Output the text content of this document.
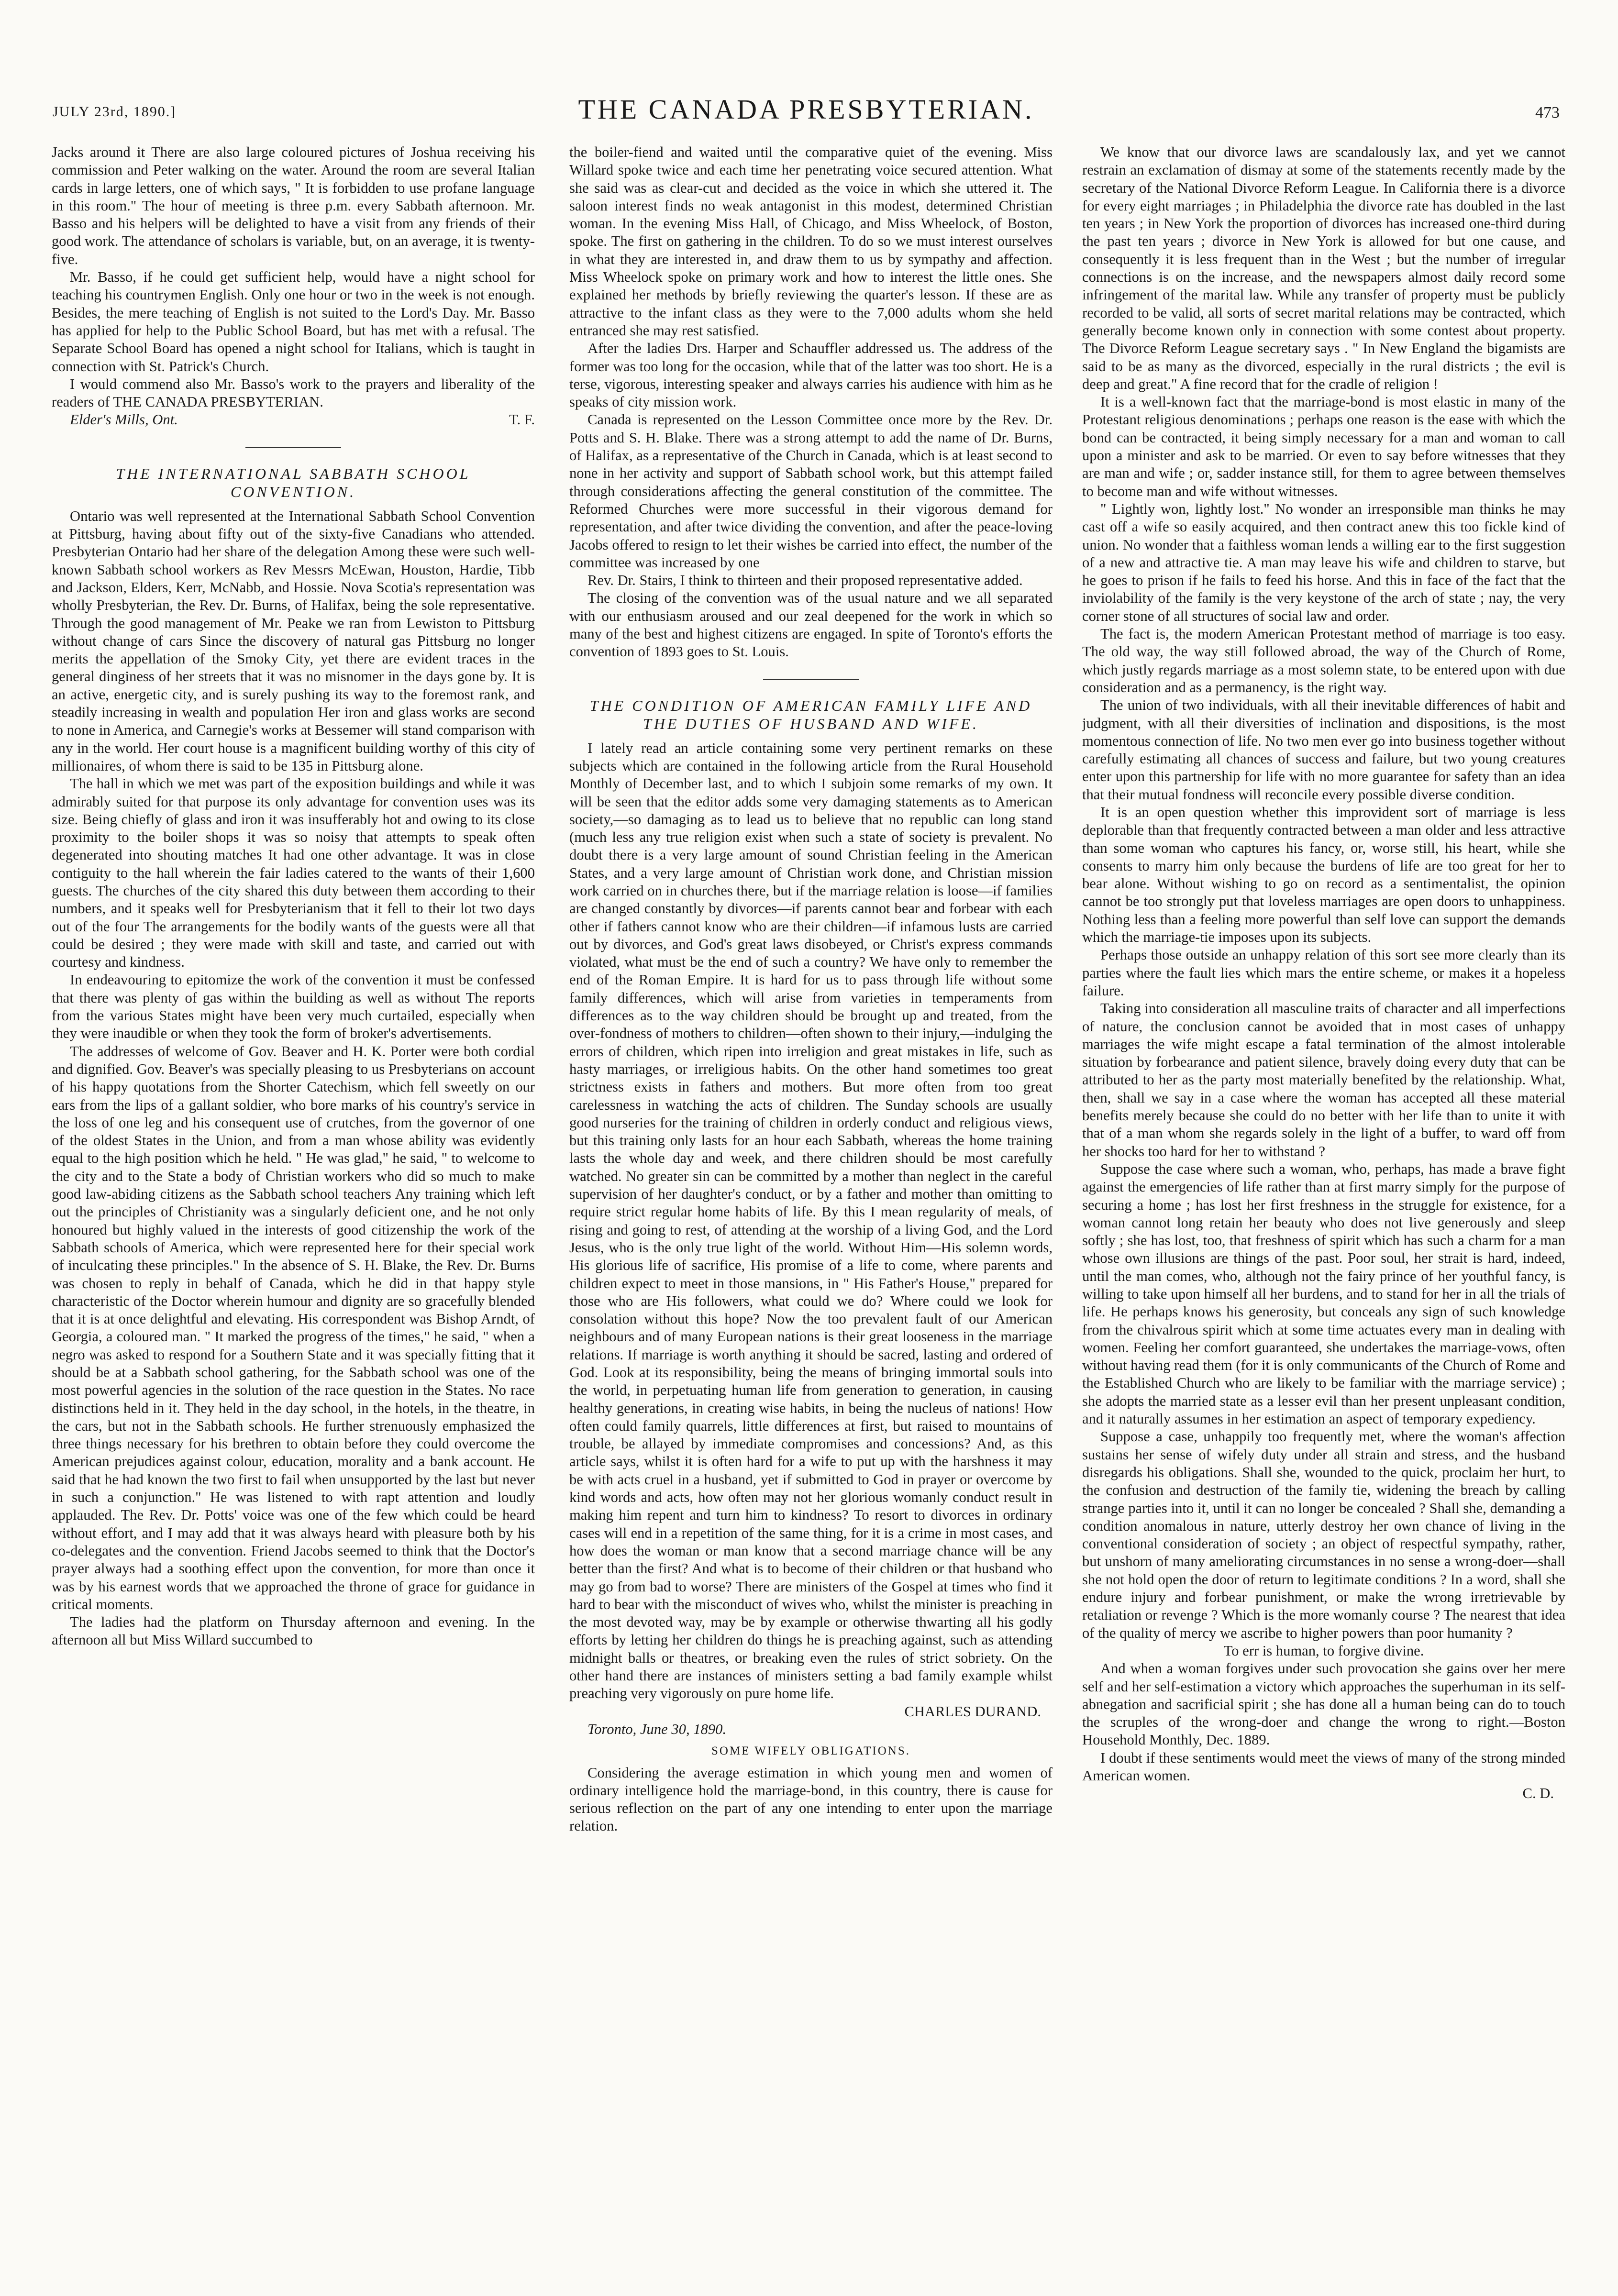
JULY 23rd, 1890.]	THE CANADA PRESBYTERIAN.	473

Jacks around it There are also large coloured pictures of Joshua receiving his commission and Peter walking on the water. Around the room are several Italian cards in large letters, one of which says, " It is forbidden to use profane language in this room." The hour of meeting is three p.m. every Sabbath afternoon. Mr. Basso and his helpers will be delighted to have a visit from any friends of their good work. The attendance of scholars is variable, but, on an average, it is twenty-five.

Mr. Basso, if he could get sufficient help, would have a night school for teaching his countrymen English. Only one hour or two in the week is not enough. Besides, the mere teaching of English is not suited to the Lord's Day. Mr. Basso has applied for help to the Public School Board, but has met with a refusal. The Separate School Board has opened a night school for Italians, which is taught in connection with St. Patrick's Church.

I would commend also Mr. Basso's work to the prayers and liberality of the readers of THE CANADA PRESBYTERIAN.

Elder's Mills, Ont.	T. F.

THE INTERNATIONAL SABBATH SCHOOL CONVENTION.

Ontario was well represented at the International Sabbath School Convention at Pittsburg, having about fifty out of the sixty-five Canadians who attended. Presbyterian Ontario had her share of the delegation Among these were such well-known Sabbath school workers as Rev Messrs McEwan, Houston, Hardie, Tibb and Jackson, Elders, Kerr, McNabb, and Hossie. Nova Scotia's representation was wholly Presbyterian, the Rev. Dr. Burns, of Halifax, being the sole representative. Through the good management of Mr. Peake we ran from Lewiston to Pittsburg without change of cars Since the discovery of natural gas Pittsburg no longer merits the appellation of the Smoky City, yet there are evident traces in the general dinginess of her streets that it was no misnomer in the days gone by. It is an active, energetic city, and is surely pushing its way to the foremost rank, and steadily increasing in wealth and population Her iron and glass works are second to none in America, and Carnegie's works at Bessemer will stand comparison with any in the world. Her court house is a magnificent building worthy of this city of millionaires, of whom there is said to be 135 in Pittsburg alone.

The hall in which we met was part of the exposition buildings and while it was admirably suited for that purpose its only advantage for convention uses was its size. Being chiefly of glass and iron it was insufferably hot and owing to its close proximity to the boiler shops it was so noisy that attempts to speak often degenerated into shouting matches It had one other advantage. It was in close contiguity to the hall wherein the fair ladies catered to the wants of their 1,600 guests. The churches of the city shared this duty between them according to their numbers, and it speaks well for Presbyterianism that it fell to their lot two days out of the four The arrangements for the bodily wants of the guests were all that could be desired ; they were made with skill and taste, and carried out with courtesy and kindness.

In endeavouring to epitomize the work of the convention it must be confessed that there was plenty of gas within the building as well as without The reports from the various States might have been very much curtailed, especially when they were inaudible or when they took the form of broker's advertisements.

The addresses of welcome of Gov. Beaver and H. K. Porter were both cordial and dignified. Gov. Beaver's was specially pleasing to us Presbyterians on account of his happy quotations from the Shorter Catechism, which fell sweetly on our ears from the lips of a gallant soldier, who bore marks of his country's service in the loss of one leg and his consequent use of crutches, from the governor of one of the oldest States in the Union, and from a man whose ability was evidently equal to the high position which he held. " He was glad," he said, " to welcome to the city and to the State a body of Christian workers who did so much to make good law-abiding citizens as the Sabbath school teachers Any training which left out the principles of Christianity was a singularly deficient one, and he not only honoured but highly valued in the interests of good citizenship the work of the Sabbath schools of America, which were represented here for their special work of inculcating these principles." In the absence of S. H. Blake, the Rev. Dr. Burns was chosen to reply in behalf of Canada, which he did in that happy style characteristic of the Doctor wherein humour and dignity are so gracefully blended that it is at once delightful and elevating. His correspondent was Bishop Arndt, of Georgia, a coloured man. " It marked the progress of the times," he said, " when a negro was asked to respond for a Southern State and it was specially fitting that it should be at a Sabbath school gathering, for the Sabbath school was one of the most powerful agencies in the solution of the race question in the States. No race distinctions held in it. They held in the day school, in the hotels, in the theatre, in the cars, but not in the Sabbath schools. He further strenuously emphasized the three things necessary for his brethren to obtain before they could overcome the American prejudices against colour, education, morality and a bank account. He said that he had known the two first to fail when unsupported by the last but never in such a conjunction." He was listened to with rapt attention and loudly applauded. The Rev. Dr. Potts' voice was one of the few which could be heard without effort, and I may add that it was always heard with pleasure both by his co-delegates and the convention. Friend Jacobs seemed to think that the Doctor's prayer always had a soothing effect upon the convention, for more than once it was by his earnest words that we approached the throne of grace for guidance in critical moments.

The ladies had the platform on Thursday afternoon and evening. In the afternoon all but Miss Willard succumbed to

the boiler-fiend and waited until the comparative quiet of the evening. Miss Willard spoke twice and each time her penetrating voice secured attention. What she said was as clear-cut and decided as the voice in which she uttered it. The saloon interest finds no weak antagonist in this modest, determined Christian woman. In the evening Miss Hall, of Chicago, and Miss Wheelock, of Boston, spoke. The first on gathering in the children. To do so we must interest ourselves in what they are interested in, and draw them to us by sympathy and affection. Miss Wheelock spoke on primary work and how to interest the little ones. She explained her methods by briefly reviewing the quarter's lesson. If these are as attractive to the infant class as they were to the 7,000 adults whom she held entranced she may rest satisfied.

After the ladies Drs. Harper and Schauffler addressed us. The address of the former was too long for the occasion, while that of the latter was too short. He is a terse, vigorous, interesting speaker and always carries his audience with him as he speaks of city mission work.

Canada is represented on the Lesson Committee once more by the Rev. Dr. Potts and S. H. Blake. There was a strong attempt to add the name of Dr. Burns, of Halifax, as a representative of the Church in Canada, which is at least second to none in her activity and support of Sabbath school work, but this attempt failed through considerations affecting the general constitution of the committee. The Reformed Churches were more successful in their vigorous demand for representation, and after twice dividing the convention, and after the peace-loving Jacobs offered to resign to let their wishes be carried into effect, the number of the committee was increased by one

Rev. Dr. Stairs, I think to thirteen and their proposed representative added.

The closing of the convention was of the usual nature and we all separated with our enthusiasm aroused and our zeal deepened for the work in which so many of the best and highest citizens are engaged. In spite of Toronto's efforts the convention of 1893 goes to St. Louis.

THE CONDITION OF AMERICAN FAMILY LIFE AND THE DUTIES OF HUSBAND AND WIFE.

I lately read an article containing some very pertinent remarks on these subjects which are contained in the following article from the Rural Household Monthly of December last, and to which I subjoin some remarks of my own. It will be seen that the editor adds some very damaging statements as to American society,—so damaging as to lead us to believe that no republic can long stand (much less any true religion exist when such a state of society is prevalent. No doubt there is a very large amount of sound Christian feeling in the American States, and a very large amount of Christian work done, and Christian mission work carried on in churches there, but if the marriage relation is loose—if families are changed constantly by divorces—if parents cannot bear and forbear with each other if fathers cannot know who are their children—if infamous lusts are carried out by divorces, and God's great laws disobeyed, or Christ's express commands violated, what must be the end of such a country? We have only to remember the end of the Roman Empire. It is hard for us to pass through life without some family differences, which will arise from varieties in temperaments from differences as to the way children should be brought up and treated, from the over-fondness of mothers to children—often shown to their injury,—indulging the errors of children, which ripen into irreligion and great mistakes in life, such as hasty marriages, or irreligious habits. On the other hand sometimes too great strictness exists in fathers and mothers. But more often from too great carelessness in watching the acts of children. The Sunday schools are usually good nurseries for the training of children in orderly conduct and religious views, but this training only lasts for an hour each Sabbath, whereas the home training lasts the whole day and week, and there children should be most carefully watched. No greater sin can be committed by a mother than neglect in the careful supervision of her daughter's conduct, or by a father and mother than omitting to require strict regular home habits of life. By this I mean regularity of meals, of rising and going to rest, of attending at the worship of a living God, and the Lord Jesus, who is the only true light of the world. Without Him—His solemn words, His glorious life of sacrifice, His promise of a life to come, where parents and children expect to meet in those mansions, in " His Father's House," prepared for those who are His followers, what could we do? Where could we look for consolation without this hope? Now the too prevalent fault of our American neighbours and of many European nations is their great looseness in the marriage relations. If marriage is worth anything it should be sacred, lasting and ordered of God. Look at its responsibility, being the means of bringing immortal souls into the world, in perpetuating human life from generation to generation, in causing healthy generations, in creating wise habits, in being the nucleus of nations! How often could family quarrels, little differences at first, but raised to mountains of trouble, be allayed by immediate compromises and concessions? And, as this article says, whilst it is often hard for a wife to put up with the harshness it may be with acts cruel in a husband, yet if submitted to God in prayer or overcome by kind words and acts, how often may not her glorious womanly conduct result in making him repent and turn him to kindness? To resort to divorces in ordinary cases will end in a repetition of the same thing, for it is a crime in most cases, and how does the woman or man know that a second marriage chance will be any better than the first? And what is to become of their children or that husband who may go from bad to worse? There are ministers of the Gospel at times who find it hard to bear with the misconduct of wives who, whilst the minister is preaching in the most devoted way, may be by example or otherwise thwarting all his godly efforts by letting her children do things he is preaching against, such as attending midnight balls or theatres, or breaking even the rules of strict sobriety. On the other hand there are instances of ministers setting a bad family example whilst preaching very vigorously on pure home life.

CHARLES DURAND.

Toronto, June 30, 1890.

SOME WIFELY OBLIGATIONS.

Considering the average estimation in which young men and women of ordinary intelligence hold the marriage-bond, in this country, there is cause for serious reflection on the part of any one intending to enter upon the marriage relation.

We know that our divorce laws are scandalously lax, and yet we cannot restrain an exclamation of dismay at some of the statements recently made by the secretary of the National Divorce Reform League. In California there is a divorce for every eight marriages ; in Philadelphia the divorce rate has doubled in the last ten years ; in New York the proportion of divorces has increased one-third during the past ten years ; divorce in New York is allowed for but one cause, and consequently it is less frequent than in the West ; but the number of irregular connections is on the increase, and the newspapers almost daily record some infringement of the marital law. While any transfer of property must be publicly recorded to be valid, all sorts of secret marital relations may be contracted, which generally become known only in connection with some contest about property. The Divorce Reform League secretary says . " In New England the bigamists are said to be as many as the divorced, especially in the rural districts ; the evil is deep and great." A fine record that for the cradle of religion !

It is a well-known fact that the marriage-bond is most elastic in many of the Protestant religious denominations ; perhaps one reason is the ease with which the bond can be contracted, it being simply necessary for a man and woman to call upon a minister and ask to be married. Or even to say before witnesses that they are man and wife ; or, sadder instance still, for them to agree between themselves to become man and wife without witnesses.

" Lightly won, lightly lost." No wonder an irresponsible man thinks he may cast off a wife so easily acquired, and then contract anew this too fickle kind of union. No wonder that a faithless woman lends a willing ear to the first suggestion of a new and attractive tie. A man may leave his wife and children to starve, but he goes to prison if he fails to feed his horse. And this in face of the fact that the inviolability of the family is the very keystone of the arch of state ; nay, the very corner stone of all structures of social law and order.

The fact is, the modern American Protestant method of marriage is too easy. The old way, the way still followed abroad, the way of the Church of Rome, which justly regards marriage as a most solemn state, to be entered upon with due consideration and as a permanency, is the right way.

The union of two individuals, with all their inevitable differences of habit and judgment, with all their diversities of inclination and dispositions, is the most momentous connection of life. No two men ever go into business together without carefully estimating all chances of success and failure, but two young creatures enter upon this partnership for life with no more guarantee for safety than an idea that their mutual fondness will reconcile every possible diverse condition.

It is an open question whether this improvident sort of marriage is less deplorable than that frequently contracted between a man older and less attractive than some woman who captures his fancy, or, worse still, his heart, while she consents to marry him only because the burdens of life are too great for her to bear alone. Without wishing to go on record as a sentimentalist, the opinion cannot be too strongly put that loveless marriages are open doors to unhappiness. Nothing less than a feeling more powerful than self love can support the demands which the marriage-tie imposes upon its subjects.

Perhaps those outside an unhappy relation of this sort see more clearly than its parties where the fault lies which mars the entire scheme, or makes it a hopeless failure.

Taking into consideration all masculine traits of character and all imperfections of nature, the conclusion cannot be avoided that in most cases of unhappy marriages the wife might escape a fatal termination of the almost intolerable situation by forbearance and patient silence, bravely doing every duty that can be attributed to her as the party most materially benefited by the relationship. What, then, shall we say in a case where the woman has accepted all these material benefits merely because she could do no better with her life than to unite it with that of a man whom she regards solely in the light of a buffer, to ward off from her shocks too hard for her to withstand ?

Suppose the case where such a woman, who, perhaps, has made a brave fight against the emergencies of life rather than at first marry simply for the purpose of securing a home ; has lost her first freshness in the struggle for existence, for a woman cannot long retain her beauty who does not live generously and sleep softly ; she has lost, too, that freshness of spirit which has such a charm for a man whose own illusions are things of the past. Poor soul, her strait is hard, indeed, until the man comes, who, although not the fairy prince of her youthful fancy, is willing to take upon himself all her burdens, and to stand for her in all the trials of life. He perhaps knows his generosity, but conceals any sign of such knowledge from the chivalrous spirit which at some time actuates every man in dealing with women. Feeling her comfort guaranteed, she undertakes the marriage-vows, often without having read them (for it is only communicants of the Church of Rome and the Established Church who are likely to be familiar with the marriage service) ; she adopts the married state as a lesser evil than her present unpleasant condition, and it naturally assumes in her estimation an aspect of temporary expediency.

Suppose a case, unhappily too frequently met, where the woman's affection sustains her sense of wifely duty under all strain and stress, and the husband disregards his obligations. Shall she, wounded to the quick, proclaim her hurt, to the confusion and destruction of the family tie, widening the breach by calling strange parties into it, until it can no longer be concealed ? Shall she, demanding a condition anomalous in nature, utterly destroy her own chance of living in the conventional consideration of society ; an object of respectful sympathy, rather, but unshorn of many ameliorating circumstances in no sense a wrong-doer—shall she not hold open the door of return to legitimate conditions ? In a word, shall she endure injury and forbear punishment, or make the wrong irretrievable by retaliation or revenge ? Which is the more womanly course ? The nearest that idea of the quality of mercy we ascribe to higher powers than poor humanity ?

To err is human, to forgive divine.

And when a woman forgives under such provocation she gains over her mere self and her self-estimation a victory which approaches the superhuman in its self-abnegation and sacrificial spirit ; she has done all a human being can do to touch the scruples of the wrong-doer and change the wrong to right.—Boston Household Monthly, Dec. 1889.

I doubt if these sentiments would meet the views of many of the strong minded American women.

C. D.
